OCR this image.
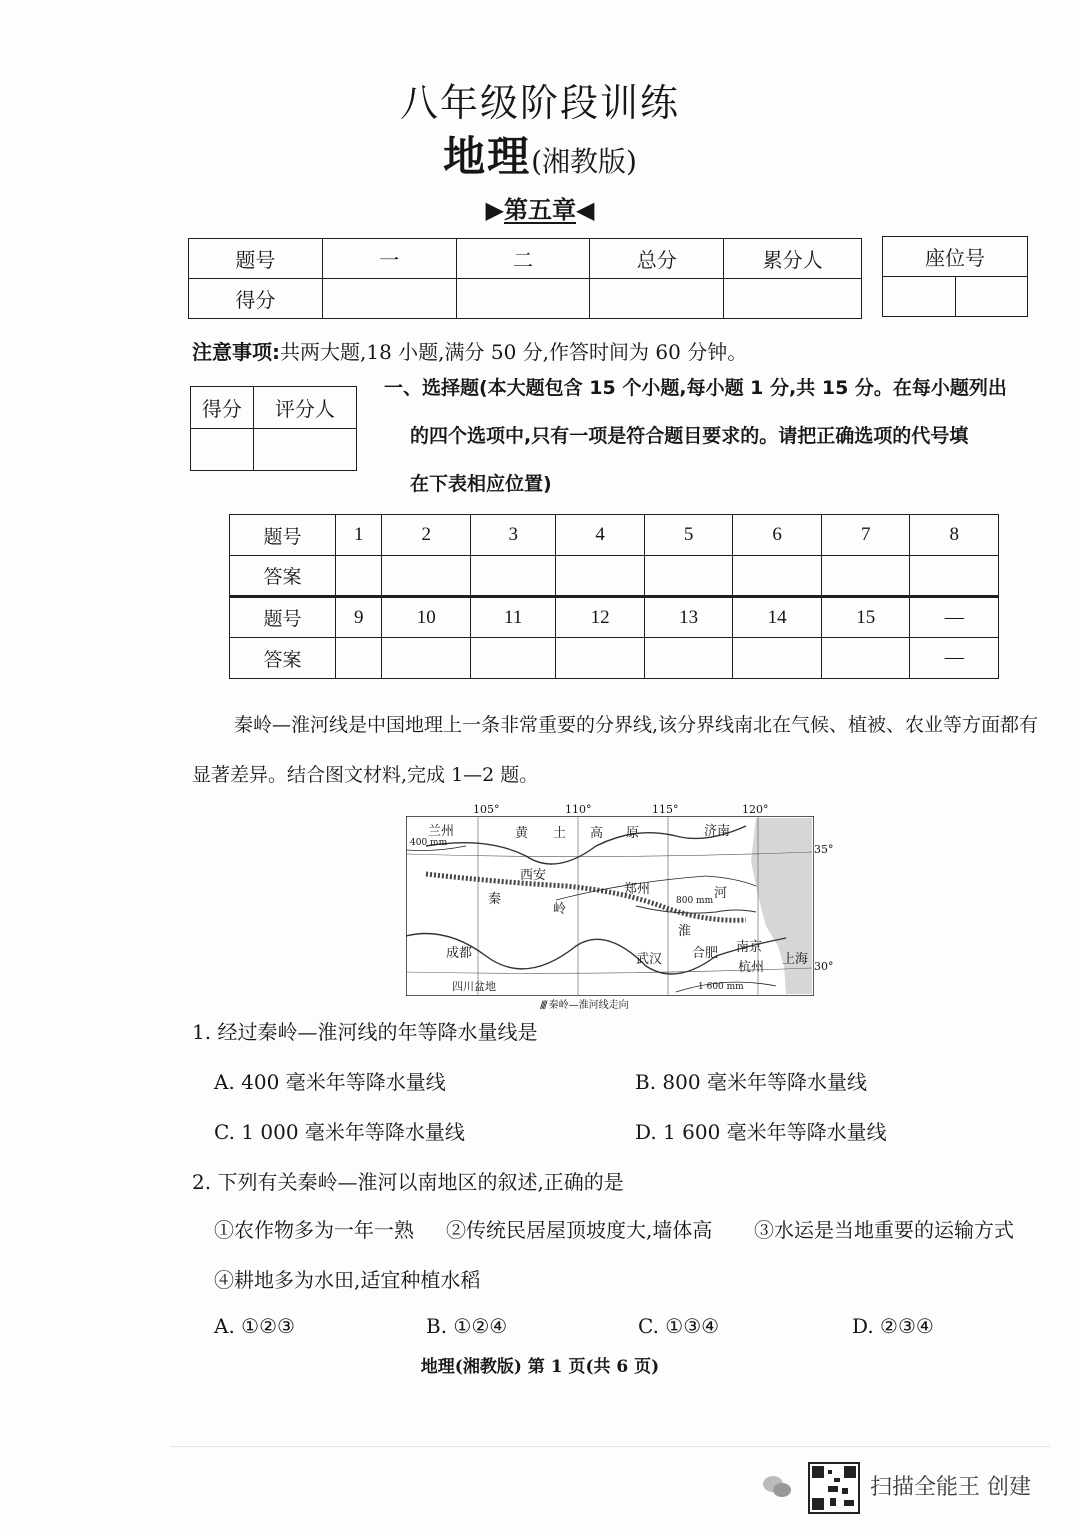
八年级阶段训练
地理(湘教版)
▶第五章◀
题号	一	二	总分	累分人
得分				
座位号

注意事项:共两大题,18 小题,满分 50 分,作答时间为 60 分钟。
得分	评分人

一、选择题(本大题包含 15 个小题,每小题 1 分,共 15 分。在每小题列出
的四个选项中,只有一项是符合题目要求的。请把正确选项的代号填
在下表相应位置)
题号	1	2	3	4	5	6	7	8
答案								
题号	9	10	11	12	13	14	15	—
答案								—
秦岭—淮河线是中国地理上一条非常重要的分界线,该分界线南北在气候、植被、农业等方面都有显著差异。结合图文材料,完成 1—2 题。
105°	110°	115°	120°
35°
30°
兰州	黄 土 高 原	济南
400 mm
西安
郑州
秦
岭
800 mm 河
淮
成都	武汉 合肥 南京
上海
杭州
四川盆地	1 600 mm
//// 秦岭—淮河线走向
1. 经过秦岭—淮河线的年等降水量线是
A. 400 毫米年等降水量线	B. 800 毫米年等降水量线
C. 1 000 毫米年等降水量线	D. 1 600 毫米年等降水量线
2. 下列有关秦岭—淮河以南地区的叙述,正确的是
①农作物多为一年一熟 ②传统民居屋顶坡度大,墙体高 ③水运是当地重要的运输方式
④耕地多为水田,适宜种植水稻
A. ①②③	B. ①②④	C. ①③④	D. ②③④
地理(湘教版) 第 1 页(共 6 页)
扫描全能王 创建
